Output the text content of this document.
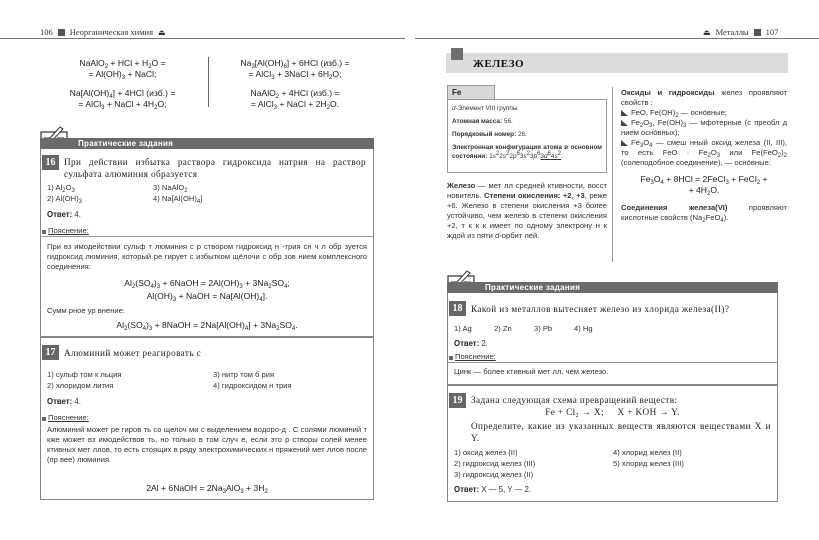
106 Неорганическая химия ⏏
NaAlO$_2$ + HCl + $H_2O$ =
= $Al(OH)_3$ + NaCl;
$Na[Al(OH)_4] + 4HCl$ (изб.) =
= AlCl$_3$ + NaCl + $4H_2O$;
$Na_3[Al(OH)_6] + 6HCl$ (изб.) =
= AlCl$_3$ + 3NaCl + $6H_2O$;
NaAlO$_2$ + 4HCl (изб.) =
= AlCl$_3$ + NaCl + $2H_2O$.
Практические задания
16 При действии избытка раствора гидроксида натрия на раствор сульфата алюминия образуется
1) $Al_2O_3$
2) $Al(OH)_3$
3) NaAlO$_2$
4) $Na[Al(OH)_4]$
Ответ: 4.
Пояснение:
При вз имодействии сульф т люминия с р створом гидроксид н -трия сн ч л обр зуется гидроксид люминия, который ре гирует с избытком щёлочи с обр зов нием комплексного соединения:
$Al_2(SO_4)_3$ + 6NaOH = $2Al(OH)_3 + 3Na_2SO_4$;
$Al(OH)_3$ + NaOH = $Na[Al(OH)_4]$.
Сумм рное ур внение:
$Al_2(SO_4)_3$ + 8NaOH = $2Na[Al(OH)_4] + 3Na_2SO_4$.
17 Алюминий может реагировать с
1) сульф том к льция
2) хлоридом лития
3) нитр том б рия
4) гидроксидом н трия
Ответ: 4.
Пояснение:
Алюминий может ре гиров ть со щелоч ми с выделением водоро-д . С солями люминий т кже может вз имодействов ть, но только в том случ е, если это р створы солей менее ктивных мет ллов, то есть стоящих в ряду электрохимических н пряжений мет ллов после (пр вее) люминия.
2Al + 6NaOH = $2Na_3AlO_3 + 3H_2$
⏏ Металлы 107
ЖЕЛЕЗО
Fe
d-Элемент VIII группы.
Атомная масса: 56.
Порядковый номер: 26.
Электронная конфигурация атома в основном состоянии: $1s^22s^22p^63s^23p^63d^64s^2$.
Железо — мет лл средней ктивности, восст новитель. Степени окисления: +2, +3, реже +6. Железо в степени окисления +3 более устойчиво, чем железо в степени окисления +2, т к к к имеет по одному электрону н к ждой из пяти d-орбит лей.
Оксиды и гидроксиды желез проявляют свойств :
FeO, $Fe(OH)_2$ — осно́вные;
$Fe_2O_3$, $Fe(OH)_3$ — мфотерные (с преобл д нием осно́вных);
$Fe_3O_4$ — смеш нный оксид железа (II, III), то есть FeO · $Fe_2O_3$ или $Fe(FeO_2)_2$ (солеподобное соединение), — осно́вные:
$Fe_3O_4 + 8HCl$ = 2FeCl$_3$ + FeCl$_2$ +
+ $4H_2O$.
Соединения железа(VI) проявляют кислотные свойств $(Na_2FeO_4)$.
Практические задания
18 Какой из металлов вытесняет железо из хлорида железа(II)?
1) Ag	2) Zn	3) Pb	4) Hg
Ответ: 2.
Пояснение:
Цинк — более ктивный мет лл, чем железо.
19 Задана следующая схема превращений веществ:
$Fe + Cl_2 \to X$;     X + KOH → Y.
Определите, какие из указанных веществ являются веществами X и Y.
1) оксид желез (II)
2) гидроксид желез (III)
3) гидроксид желез (II)
4) хлорид желез (II)
5) хлорид желез (III)
Ответ: X — 5, Y — 2.
